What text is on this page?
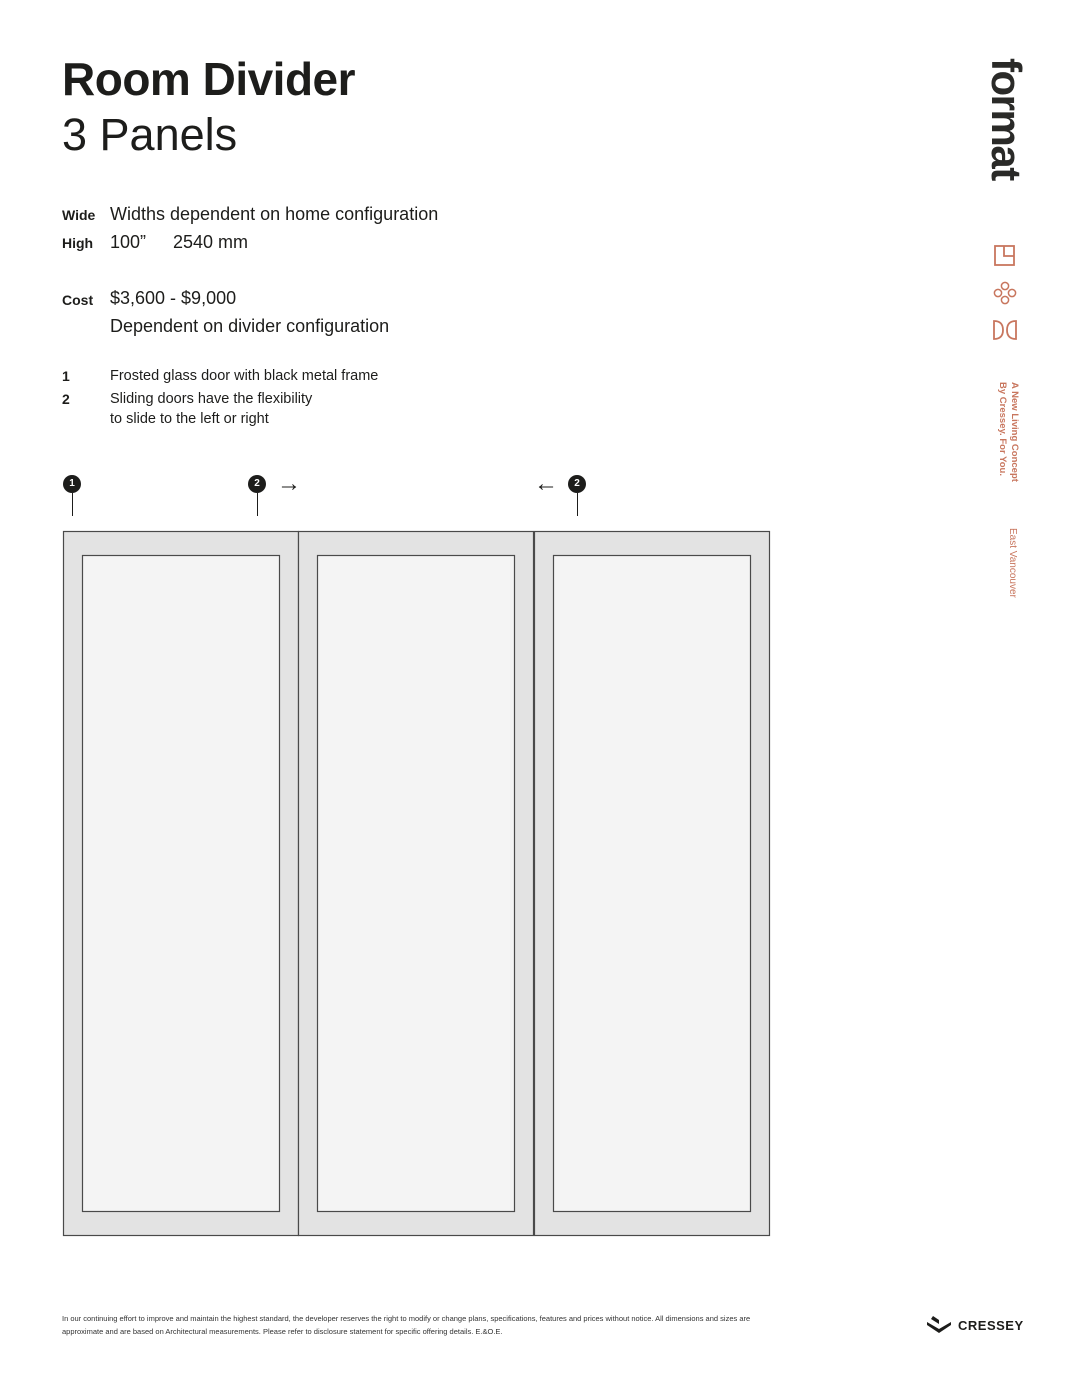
Room Divider
3 Panels
Wide Widths dependent on home configuration
High 100” 2540 mm
Cost $3,600 - $9,000
Dependent on divider configuration
1	Frosted glass door with black metal frame
2	Sliding doors have the flexibility
to slide to the left or right
1	2 →	←	2
format
A New Living Concept
By Cressey. For You.
East Vancouver
In our continuing effort to improve and maintain the highest standard, the developer reserves the right to modify or change plans, specifications, features and prices without notice. All dimensions and sizes are approximate and are based on Architectural measurements. Please refer to disclosure statement for specific offering details. E.&O.E.	CRESSEY
